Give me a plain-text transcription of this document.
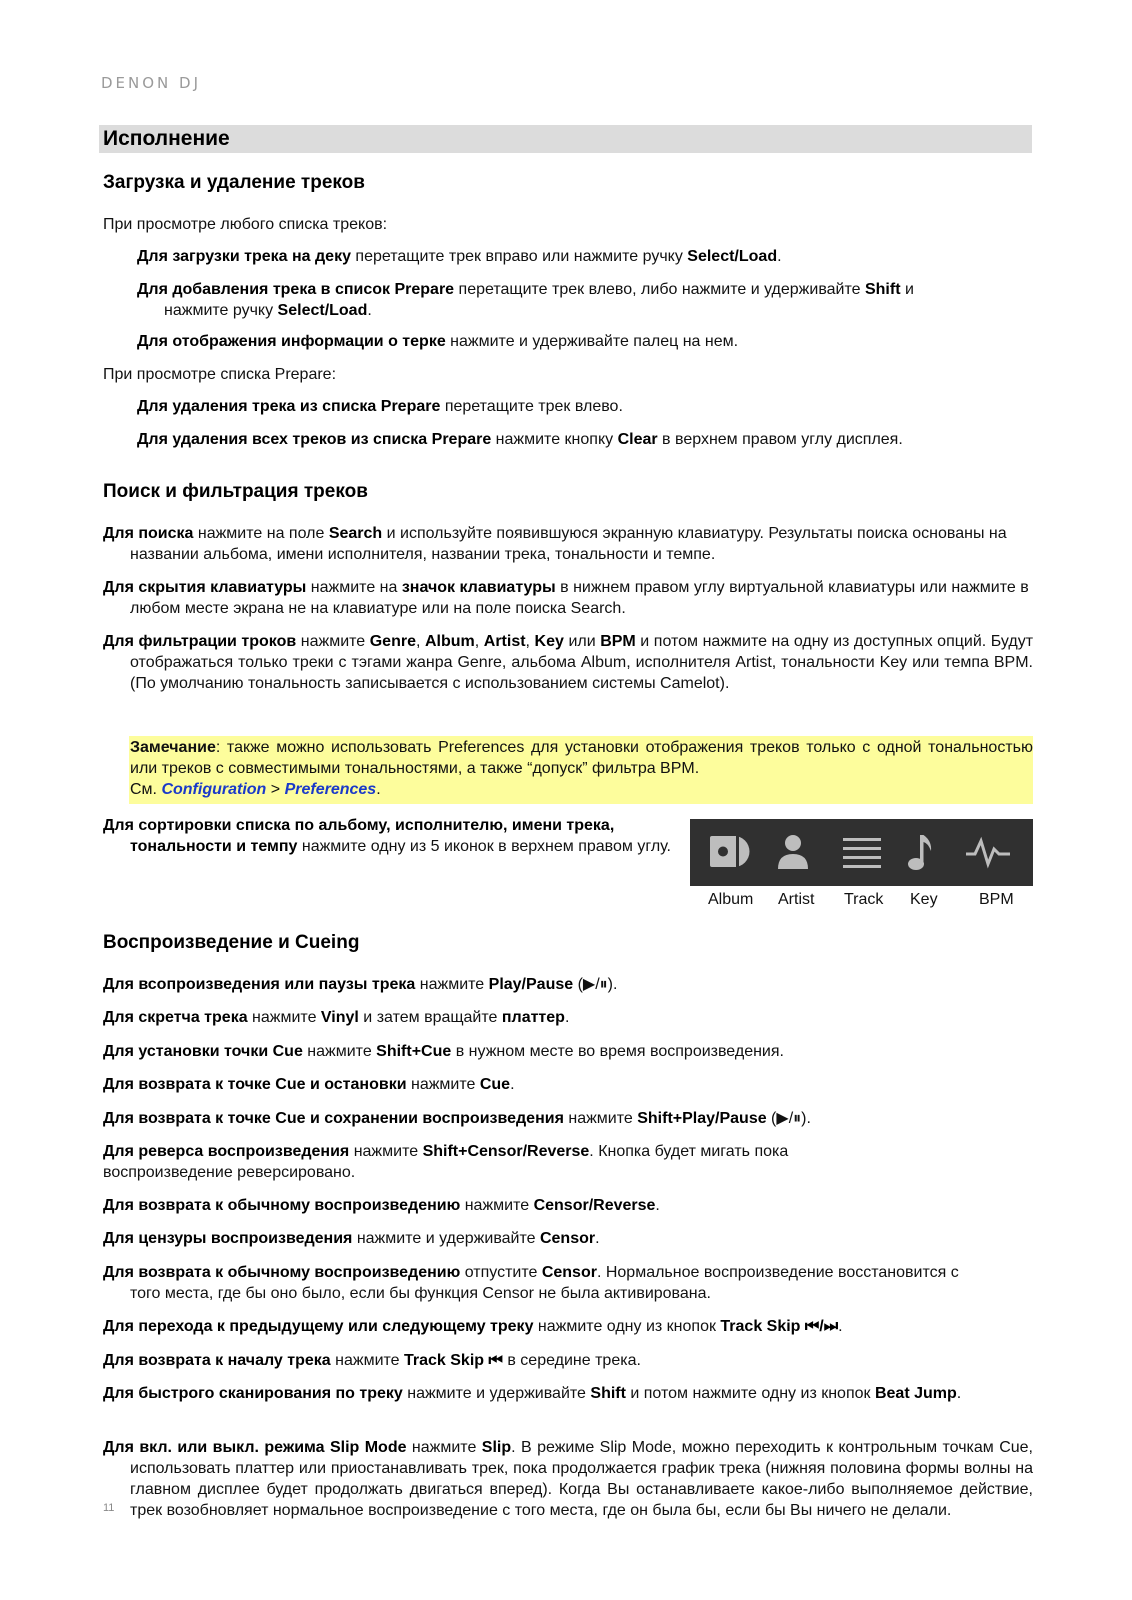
DENON DJ
Исполнение
Загрузка и удаление треков
При просмотре любого списка треков:
Для загрузки трека на деку перетащите трек вправо или нажмите ручку Select/Load.
Для добавления трека в список Prepare перетащите трек влево, либо нажмите и удерживайте Shift и
нажмите ручку Select/Load.
Для отображения информации о терке нажмите и удерживайте палец на нем.
При просмотре списка Prepare:
Для удаления трека из списка Prepare перетащите трек влево.
Для удаления всех треков из списка Prepare нажмите кнопку Clear в верхнем правом углу дисплея.
Поиск и фильтрация треков
Для поиска нажмите на поле Search и используйте появившуюся экранную клавиатуру. Результаты поиска основаны на названии альбома, имени исполнителя, названии трека, тональности и темпе.
Для скрытия клавиатуры нажмите на значок клавиатуры в нижнем правом углу виртуальной клавиатуры или нажмите в любом месте экрана не на клавиатуре или на поле поиска Search.
Для фильтрации троков нажмите Genre, Album, Artist, Key или BPM и потом нажмите на одну из доступных опций. Будут отображаться только треки с тэгами жанра Genre, альбома Album, исполнителя Artist, тональности Key или темпа BPM. (По умолчанию тональность записывается с использованием системы Camelot).
Замечание: также можно использовать Preferences для установки отображения треков только с одной тональностью или треков с совместимыми тональностями, а также “допуск” фильтра BPM.
См. Configuration > Preferences.
Для сортировки списка по альбому, исполнителю, имени трека, тональности и темпу нажмите одну из 5 иконок в верхнем правом углу.
Album Artist Track Key	BPM
Воспроизведение и Cueing
Для всопроизведения или паузы трека нажмите Play/Pause (▶/⏸).
Для скретча трека нажмите Vinyl и затем вращайте платтер.
Для установки точки Cue нажмите Shift+Cue в нужном месте во время воспроизведения.
Для возврата к точке Cue и остановки нажмите Cue.
Для возврата к точке Cue и сохранении воспроизведения нажмите Shift+Play/Pause (▶/⏸).
Для реверса воспроизведения нажмите Shift+Censor/Reverse. Кнопка будет мигать пока воспроизведение реверсировано.
Для возврата к обычному воспроизведению нажмите Censor/Reverse.
Для цензуры воспроизведения нажмите и удерживайте Censor.
Для возврата к обычному воспроизведению отпустите Censor. Нормальное воспроизведение восстановится с того места, где бы оно было, если бы функция Censor не была активирована.
Для перехода к предыдущему или следующему треку нажмите одну из кнопок Track Skip ⏮/⏭.
Для возврата к началу трека нажмите Track Skip ⏮ в середине трека.
Для быстрого сканирования по треку нажмите и удерживайте Shift и потом нажмите одну из кнопок Beat Jump.
Для вкл. или выкл. режима Slip Mode нажмите Slip. В режиме Slip Mode, можно переходить к контрольным точкам Cue, использовать платтер или приостанавливать трек, пока продолжается график трека (нижняя половина формы волны на главном дисплее будет продолжать двигаться вперед). Когда Вы останавливаете какое-либо выполняемое действие, трек возобновляет нормальное воспроизведение с того места, где он была бы, если бы Вы ничего не делали.
11
